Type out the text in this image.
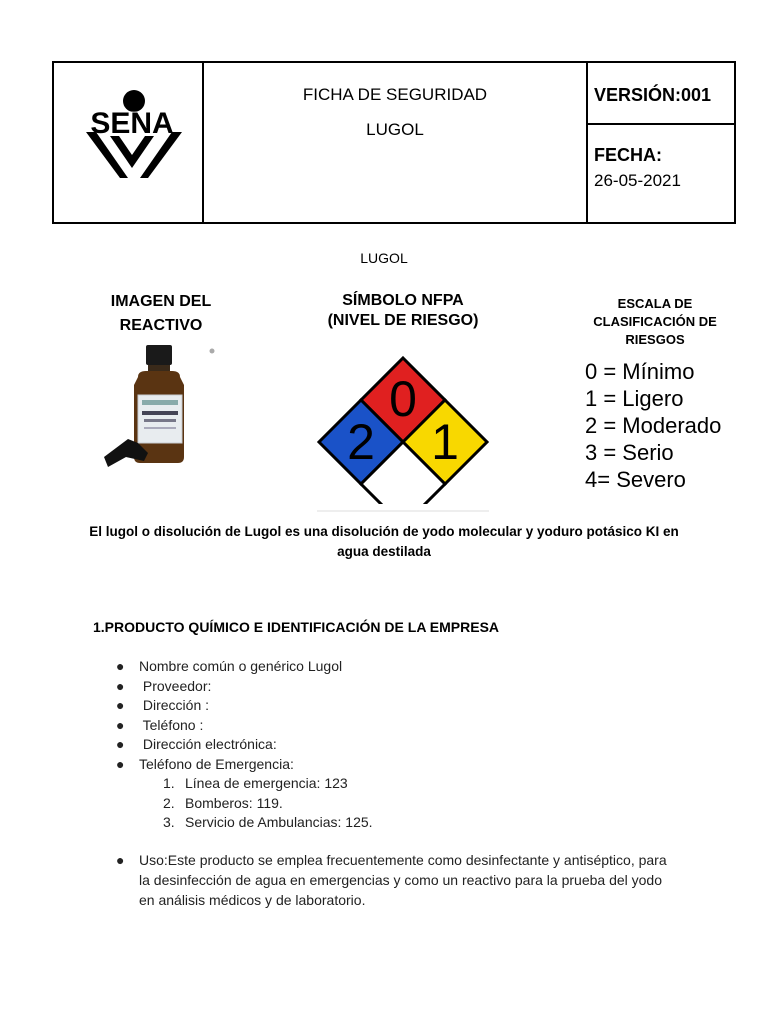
SENA
FICHA DE SEGURIDAD
LUGOL
VERSIÓN:001
FECHA:
26-05-2021
LUGOL
IMAGEN DEL REACTIVO
SÍMBOLO NFPA (NIVEL DE RIESGO)
ESCALA DE CLASIFICACIÓN DE RIESGOS
0
2 1
0 = Mínimo
1 = Ligero
2 = Moderado
3 = Serio
4= Severo
El lugol o disolución de Lugol es una disolución de yodo molecular y yoduro potásico KI en agua destilada
1.PRODUCTO QUÍMICO E IDENTIFICACIÓN DE LA EMPRESA
● Nombre común o genérico Lugol
● Proveedor:
● Dirección :
● Teléfono :
● Dirección electrónica:
● Teléfono de Emergencia:
1. Línea de emergencia: 123
2. Bomberos: 119.
3. Servicio de Ambulancias: 125.
● Uso:Este producto se emplea frecuentemente como desinfectante y antiséptico, para la desinfección de agua en emergencias y como un reactivo para la prueba del yodo en análisis médicos y de laboratorio.
